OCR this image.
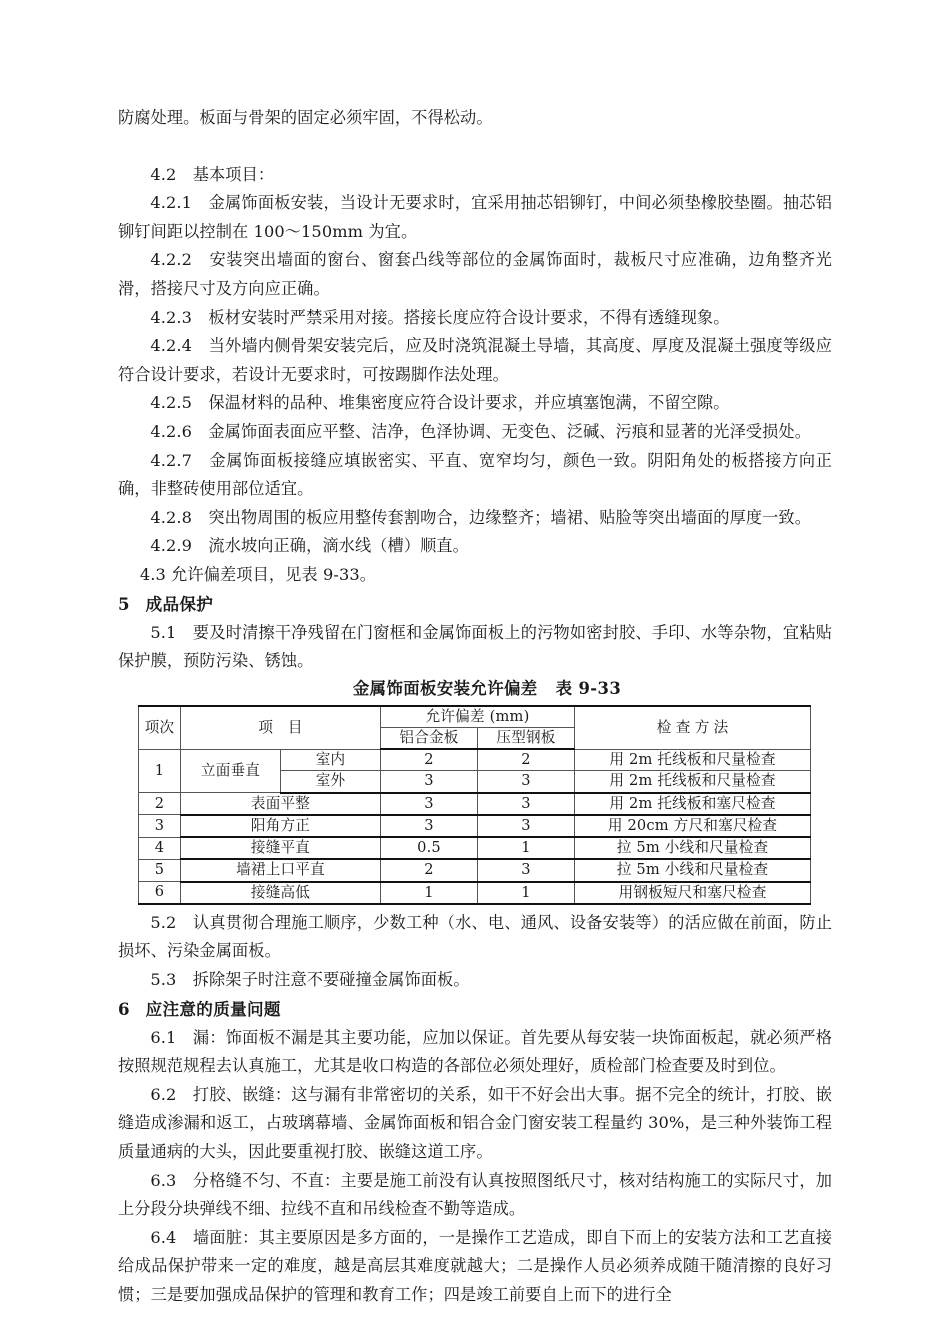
防腐处理。板面与骨架的固定必须牢固，不得松动。

4.2　基本项目：

4.2.1　金属饰面板安装，当设计无要求时，宜采用抽芯铝铆钉，中间必须垫橡胶垫圈。抽芯铝铆钉间距以控制在 100～150mm 为宜。

4.2.2　安装突出墙面的窗台、窗套凸线等部位的金属饰面时，裁板尺寸应准确，边角整齐光滑，搭接尺寸及方向应正确。

4.2.3　板材安装时严禁采用对接。搭接长度应符合设计要求，不得有透缝现象。

4.2.4　当外墙内侧骨架安装完后，应及时浇筑混凝土导墙，其高度、厚度及混凝土强度等级应符合设计要求，若设计无要求时，可按踢脚作法处理。

4.2.5　保温材料的品种、堆集密度应符合设计要求，并应填塞饱满，不留空隙。

4.2.6　金属饰面表面应平整、洁净，色泽协调、无变色、泛碱、污痕和显著的光泽受损处。

4.2.7　金属饰面板接缝应填嵌密实、平直、宽窄均匀，颜色一致。阴阳角处的板搭接方向正确，非整砖使用部位适宜。

4.2.8　突出物周围的板应用整传套割吻合，边缘整齐；墙裙、贴脸等突出墙面的厚度一致。

4.2.9　流水坡向正确，滴水线（槽）顺直。

4.3 允许偏差项目，见表 9-33。

5 成品保护

5.1　要及时清擦干净残留在门窗框和金属饰面板上的污物如密封胶、手印、水等杂物，宜粘贴保护膜，预防污染、锈蚀。

金属饰面板安装允许偏差 表 9-33

项次	项　目		允许偏差 (mm)		检查方法
			铝合金板	压型钢板	
1	立面垂直	室内	2	2	用 2m 托线板和尺量检查
		室外	3	3	用 2m 托线板和尺量检查
2	表面平整		3	3	用 2m 托线板和塞尺检查
3	阳角方正		3	3	用 20cm 方尺和塞尺检查
4	接缝平直		0.5	1	拉 5m 小线和尺量检查
5	墙裙上口平直		2	3	拉 5m 小线和尺量检查
6	接缝高低		1	1	用钢板短尺和塞尺检查

5.2　认真贯彻合理施工顺序，少数工种（水、电、通风、设备安装等）的活应做在前面，防止损坏、污染金属面板。

5.3　拆除架子时注意不要碰撞金属饰面板。

6 应注意的质量问题

6.1　漏：饰面板不漏是其主要功能，应加以保证。首先要从每安装一块饰面板起，就必须严格按照规范规程去认真施工，尤其是收口构造的各部位必须处理好，质检部门检查要及时到位。

6.2　打胶、嵌缝：这与漏有非常密切的关系，如干不好会出大事。据不完全的统计，打胶、嵌缝造成渗漏和返工，占玻璃幕墙、金属饰面板和铝合金门窗安装工程量约 30%，是三种外装饰工程质量通病的大头，因此要重视打胶、嵌缝这道工序。

6.3　分格缝不匀、不直：主要是施工前没有认真按照图纸尺寸，核对结构施工的实际尺寸，加上分段分块弹线不细、拉线不直和吊线检查不勤等造成。

6.4　墙面脏：其主要原因是多方面的，一是操作工艺造成，即自下而上的安装方法和工艺直接给成品保护带来一定的难度，越是高层其难度就越大；二是操作人员必须养成随干随清擦的良好习惯；三是要加强成品保护的管理和教育工作；四是竣工前要自上而下的进行全
